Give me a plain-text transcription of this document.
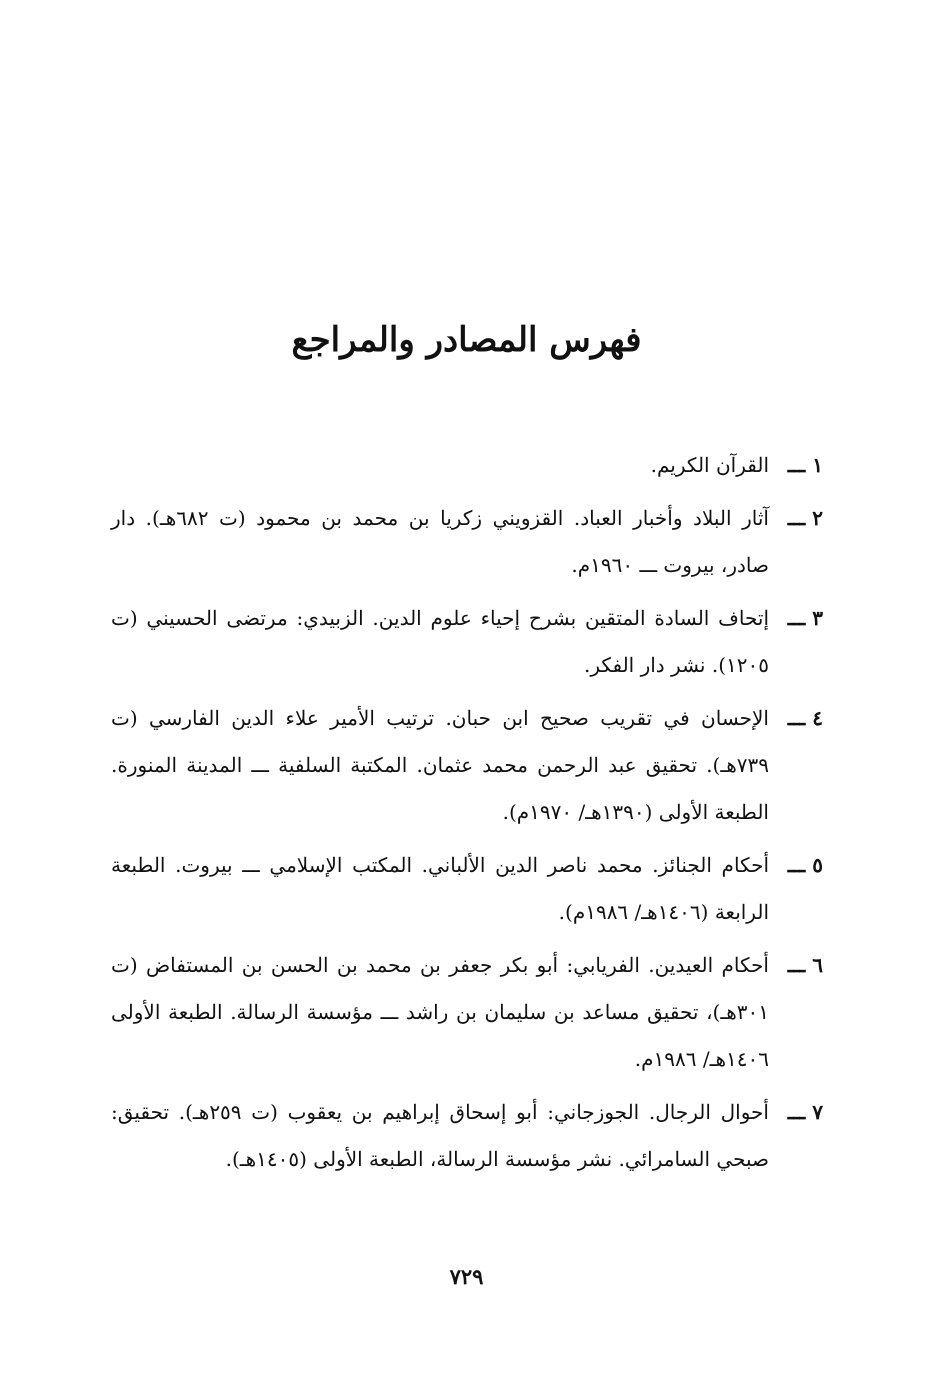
فهرس المصادر والمراجع
١ ـــ
القرآن الكريم.
٢ ـــ
آثار البلاد وأخبار العباد. القزويني زكريا بن محمد بن محمود (ت ٦٨٢هـ). دار صادر، بيروت ـــ ١٩٦٠م.
٣ ـــ
إتحاف السادة المتقين بشرح إحياء علوم الدين. الزبيدي: مرتضى الحسيني (ت ١٢٠٥). نشر دار الفكر.
٤ ـــ
الإحسان في تقريب صحيح ابن حبان. ترتيب الأمير علاء الدين الفارسي (ت ٧٣٩هـ). تحقيق عبد الرحمن محمد عثمان. المكتبة السلفية ـــ المدينة المنورة. الطبعة الأولى (١٣٩٠هـ/ ١٩٧٠م).
٥ ـــ
أحكام الجنائز. محمد ناصر الدين الألباني. المكتب الإسلامي ـــ بيروت. الطبعة الرابعة (١٤٠٦هـ/ ١٩٨٦م).
٦ ـــ
أحكام العيدين. الفريابي: أبو بكر جعفر بن محمد بن الحسن بن المستفاض (ت ٣٠١هـ)، تحقيق مساعد بن سليمان بن راشد ـــ مؤسسة الرسالة. الطبعة الأولى ١٤٠٦هـ/ ١٩٨٦م.
٧ ـــ
أحوال الرجال. الجوزجاني: أبو إسحاق إبراهيم بن يعقوب (ت ٢٥٩هـ). تحقيق: صبحي السامرائي. نشر مؤسسة الرسالة، الطبعة الأولى (١٤٠٥هـ).
٧٢٩
